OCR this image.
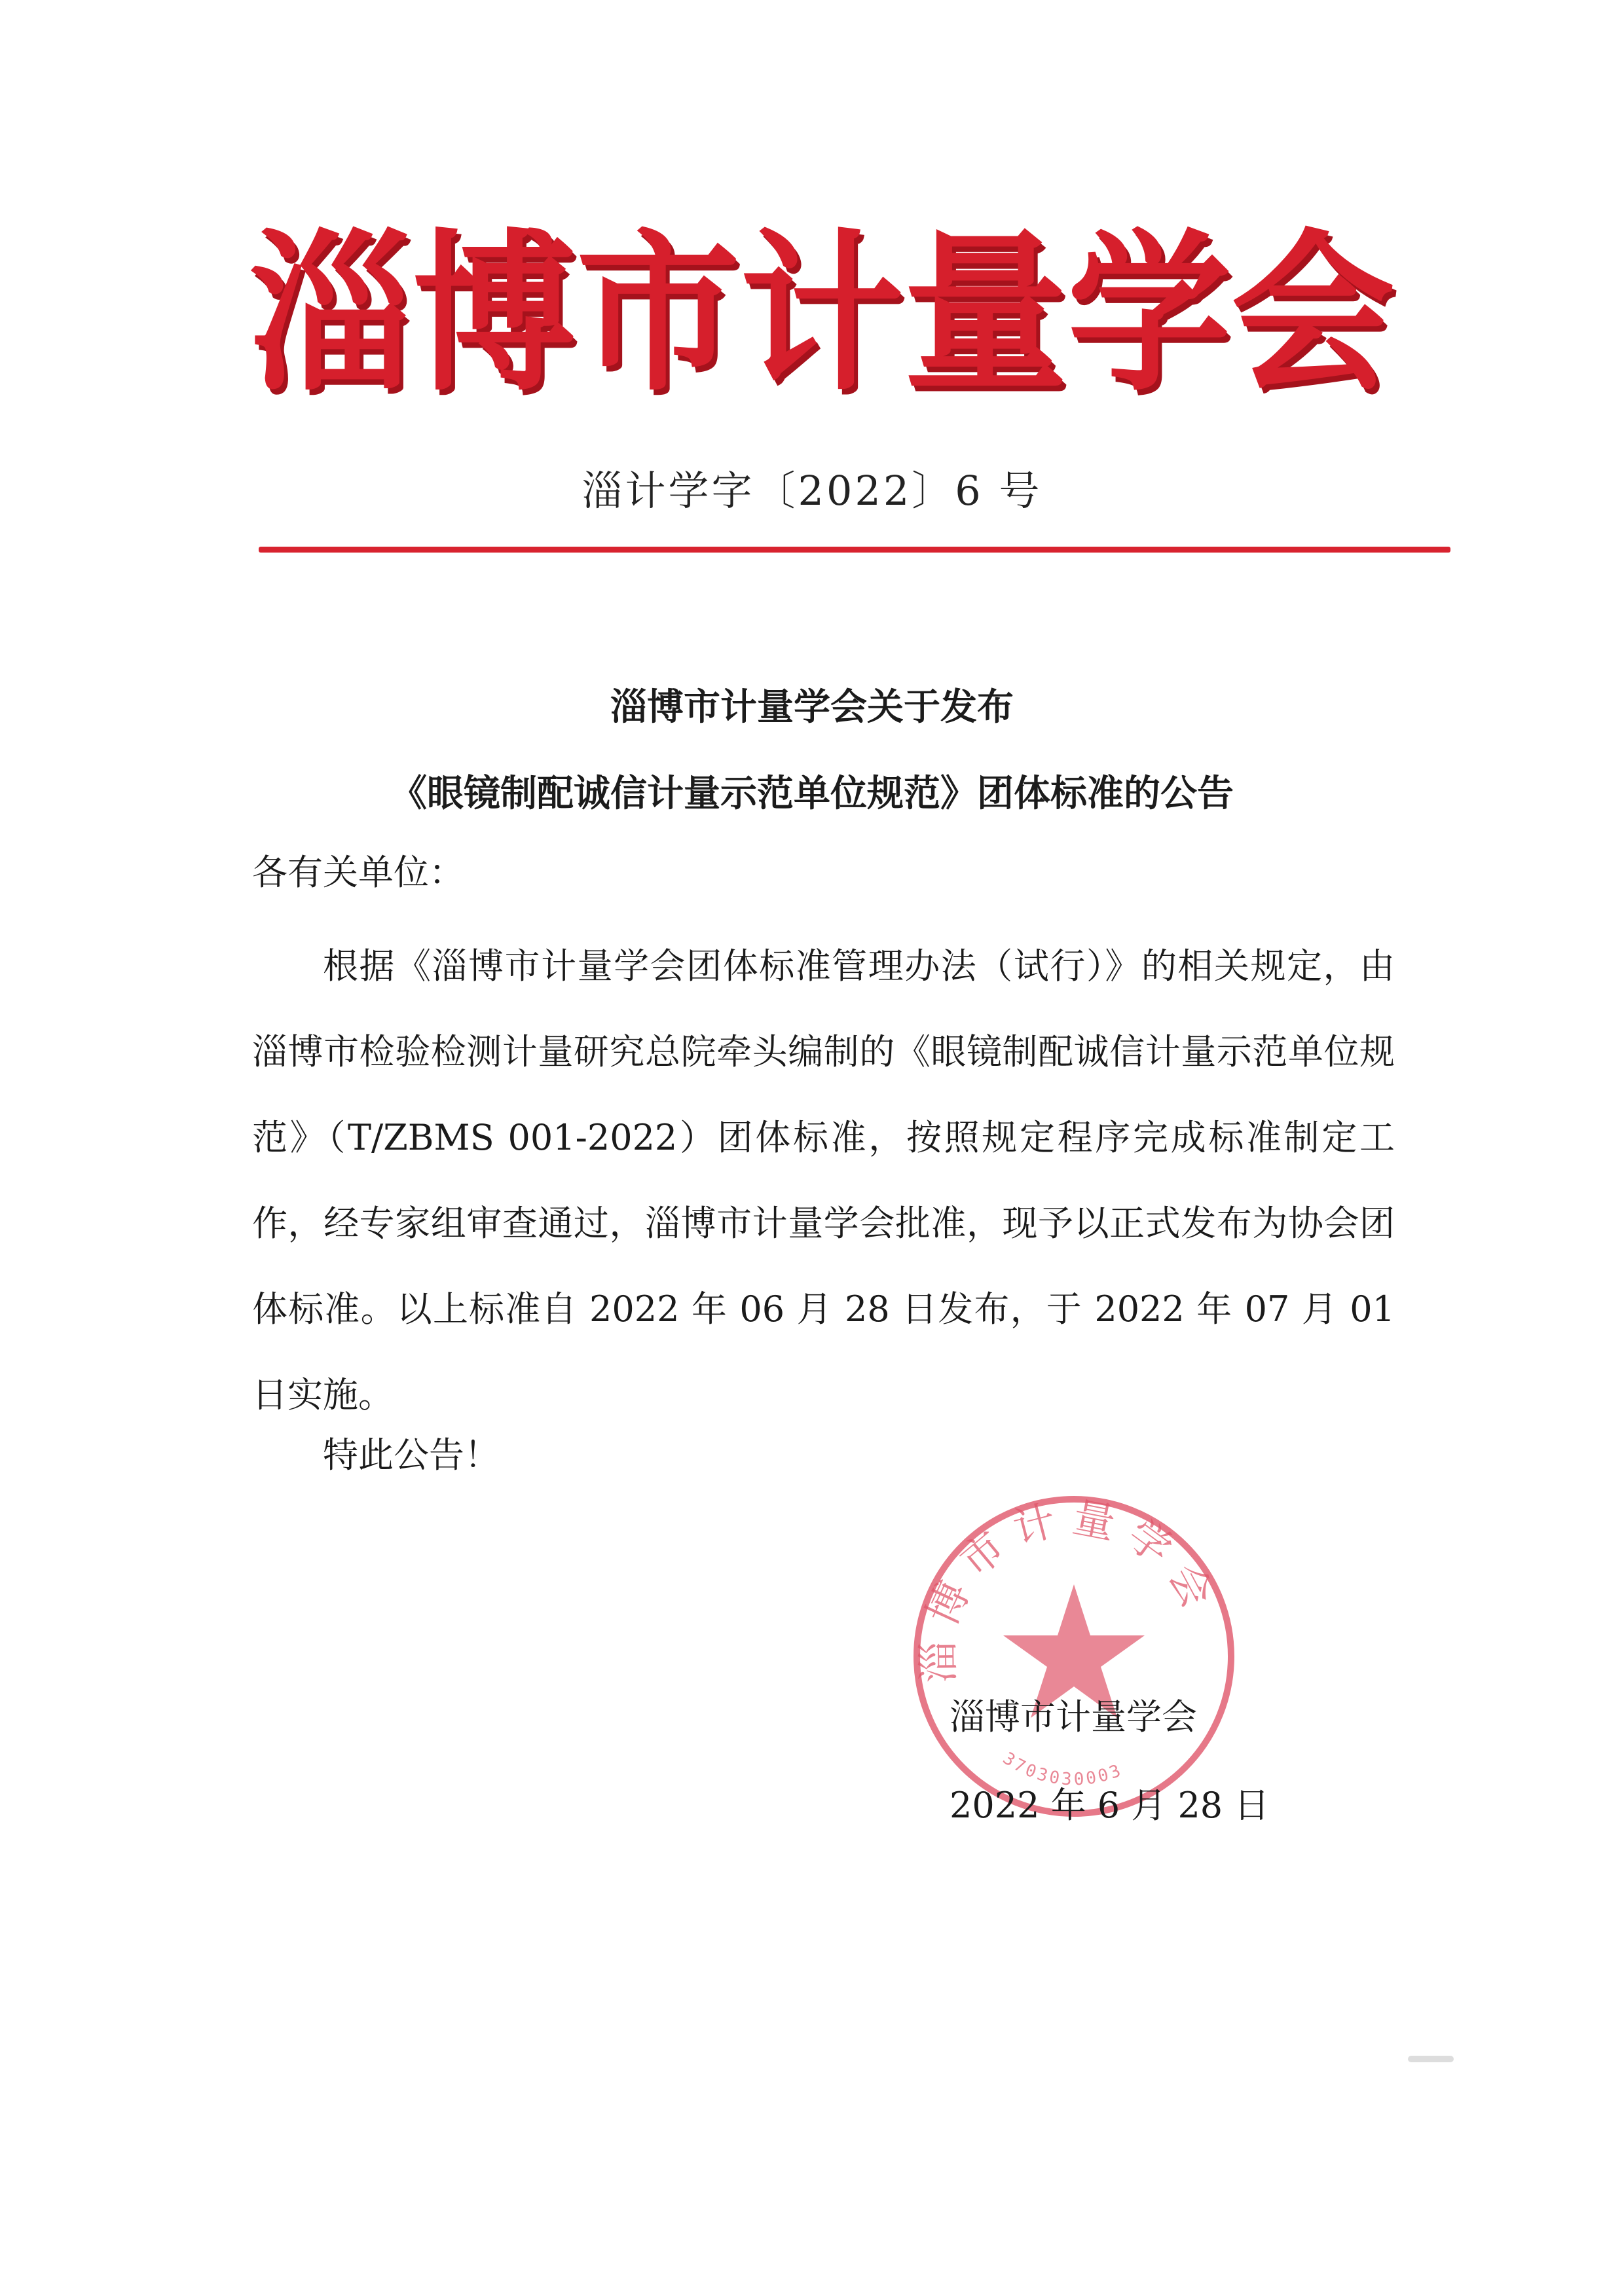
淄 博 市 计 量 学 会
淄计学字〔2022〕6 号
淄博市计量学会关于发布
《眼镜制配诚信计量示范单位规范》团体标准的公告
各有关单位：
根据《淄博市计量学会团体标准管理办法（试行）》的相关规定，由淄博市检验检测计量研究总院牵头编制的《眼镜制配诚信计量示范单位规范》（T/ZBMS 001-2022）团体标准，按照规定程序完成标准制定工作，经专家组审查通过，淄博市计量学会批准，现予以正式发布为协会团体标准。以上标准自 2022 年 06 月 28 日发布，于 2022 年 07 月 01 日实施。
特此公告！
淄博市计量学会
3703030003
淄博市计量学会
2022 年 6 月 28 日
